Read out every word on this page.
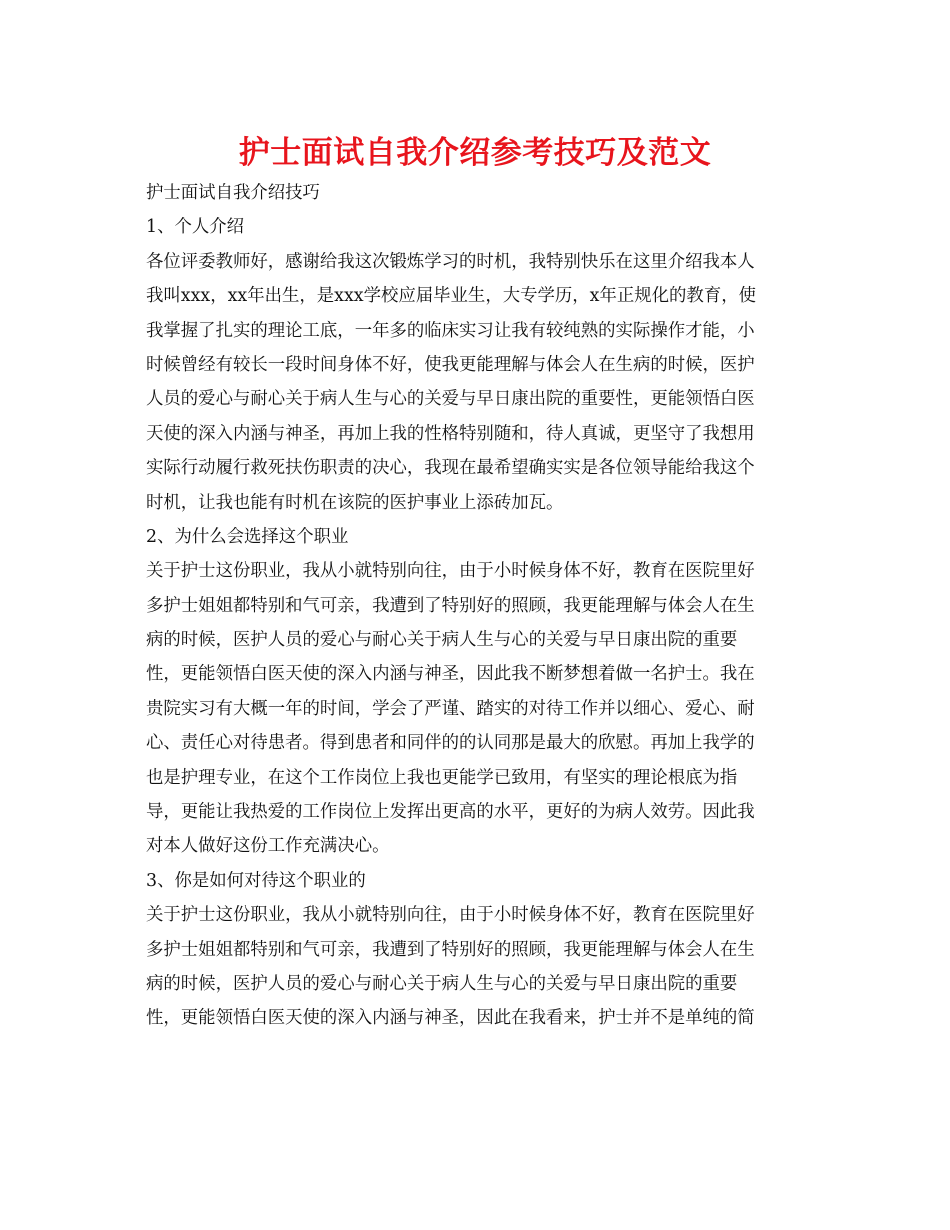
护士面试自我介绍参考技巧及范文
护士面试自我介绍技巧
1、个人介绍
各位评委教师好，感谢给我这次锻炼学习的时机，我特别快乐在这里介绍我本人
我叫xxx，xx年出生，是xxx学校应届毕业生，大专学历，x年正规化的教育，使
我掌握了扎实的理论工底，一年多的临床实习让我有较纯熟的实际操作才能，小
时候曾经有较长一段时间身体不好，使我更能理解与体会人在生病的时候，医护
人员的爱心与耐心关于病人生与心的关爱与早日康出院的重要性，更能领悟白医
天使的深入内涵与神圣，再加上我的性格特别随和，待人真诚，更坚守了我想用
实际行动履行救死扶伤职责的决心，我现在最希望确实实是各位领导能给我这个
时机，让我也能有时机在该院的医护事业上添砖加瓦。
2、为什么会选择这个职业
关于护士这份职业，我从小就特别向往，由于小时候身体不好，教育在医院里好
多护士姐姐都特别和气可亲，我遭到了特别好的照顾，我更能理解与体会人在生
病的时候，医护人员的爱心与耐心关于病人生与心的关爱与早日康出院的重要
性，更能领悟白医天使的深入内涵与神圣，因此我不断梦想着做一名护士。我在
贵院实习有大概一年的时间，学会了严谨、踏实的对待工作并以细心、爱心、耐
心、责任心对待患者。得到患者和同伴的的认同那是最大的欣慰。再加上我学的
也是护理专业，在这个工作岗位上我也更能学已致用，有坚实的理论根底为指
导，更能让我热爱的工作岗位上发挥出更高的水平，更好的为病人效劳。因此我
对本人做好这份工作充满决心。
3、你是如何对待这个职业的
关于护士这份职业，我从小就特别向往，由于小时候身体不好，教育在医院里好
多护士姐姐都特别和气可亲，我遭到了特别好的照顾，我更能理解与体会人在生
病的时候，医护人员的爱心与耐心关于病人生与心的关爱与早日康出院的重要
性，更能领悟白医天使的深入内涵与神圣，因此在我看来，护士并不是单纯的简
